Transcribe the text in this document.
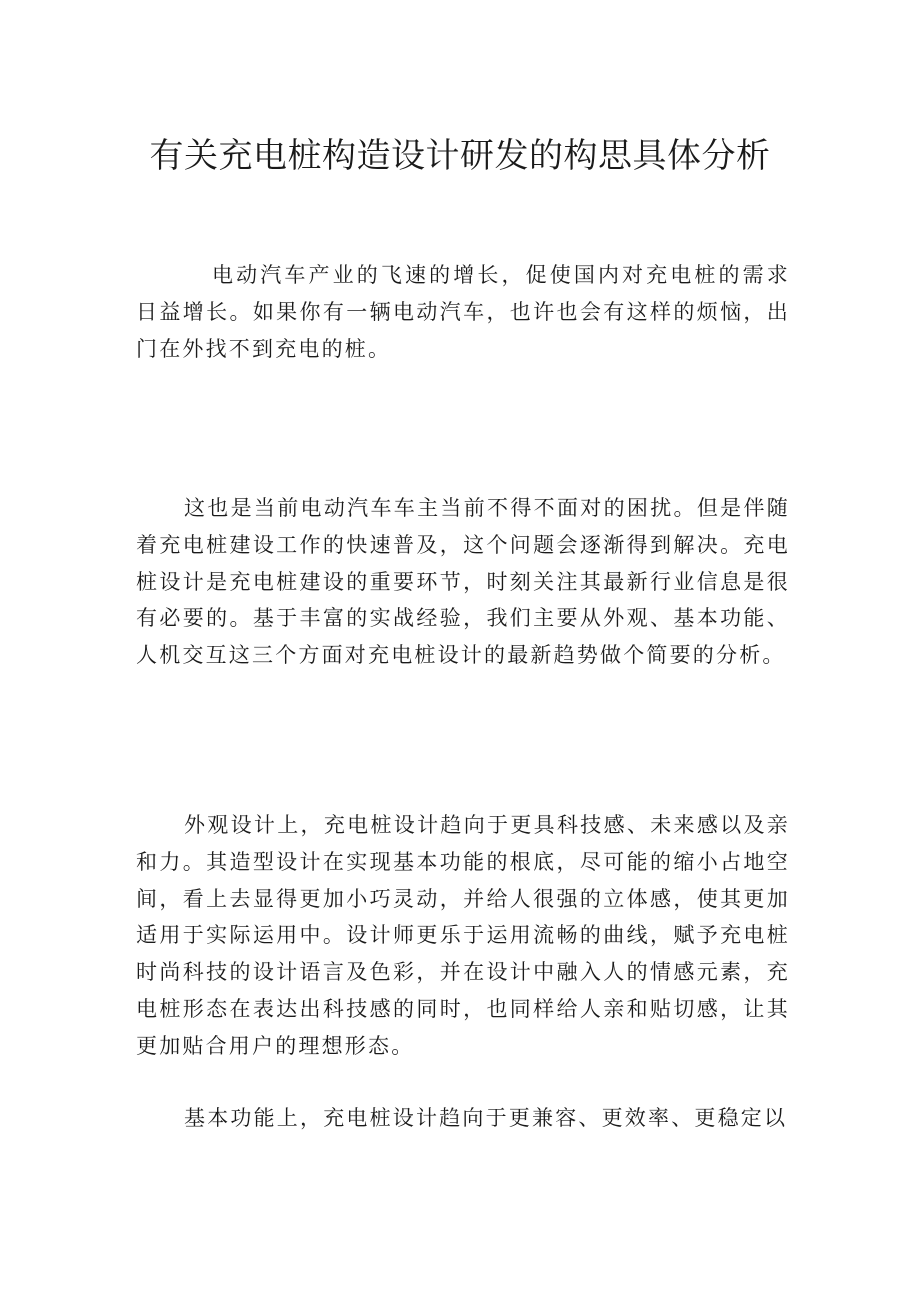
有关充电桩构造设计研发的构思具体分析

电动汽车产业的飞速的增长，促使国内对充电桩的需求日益增长。如果你有一辆电动汽车，也许也会有这样的烦恼，出门在外找不到充电的桩。

这也是当前电动汽车车主当前不得不面对的困扰。但是伴随着充电桩建设工作的快速普及，这个问题会逐渐得到解决。充电桩设计是充电桩建设的重要环节，时刻关注其最新行业信息是很有必要的。基于丰富的实战经验，我们主要从外观、基本功能、人机交互这三个方面对充电桩设计的最新趋势做个简要的分析。

外观设计上，充电桩设计趋向于更具科技感、未来感以及亲和力。其造型设计在实现基本功能的根底，尽可能的缩小占地空间，看上去显得更加小巧灵动，并给人很强的立体感，使其更加适用于实际运用中。设计师更乐于运用流畅的曲线，赋予充电桩时尚科技的设计语言及色彩，并在设计中融入人的情感元素，充电桩形态在表达出科技感的同时，也同样给人亲和贴切感，让其更加贴合用户的理想形态。

基本功能上，充电桩设计趋向于更兼容、更效率、更稳定以
